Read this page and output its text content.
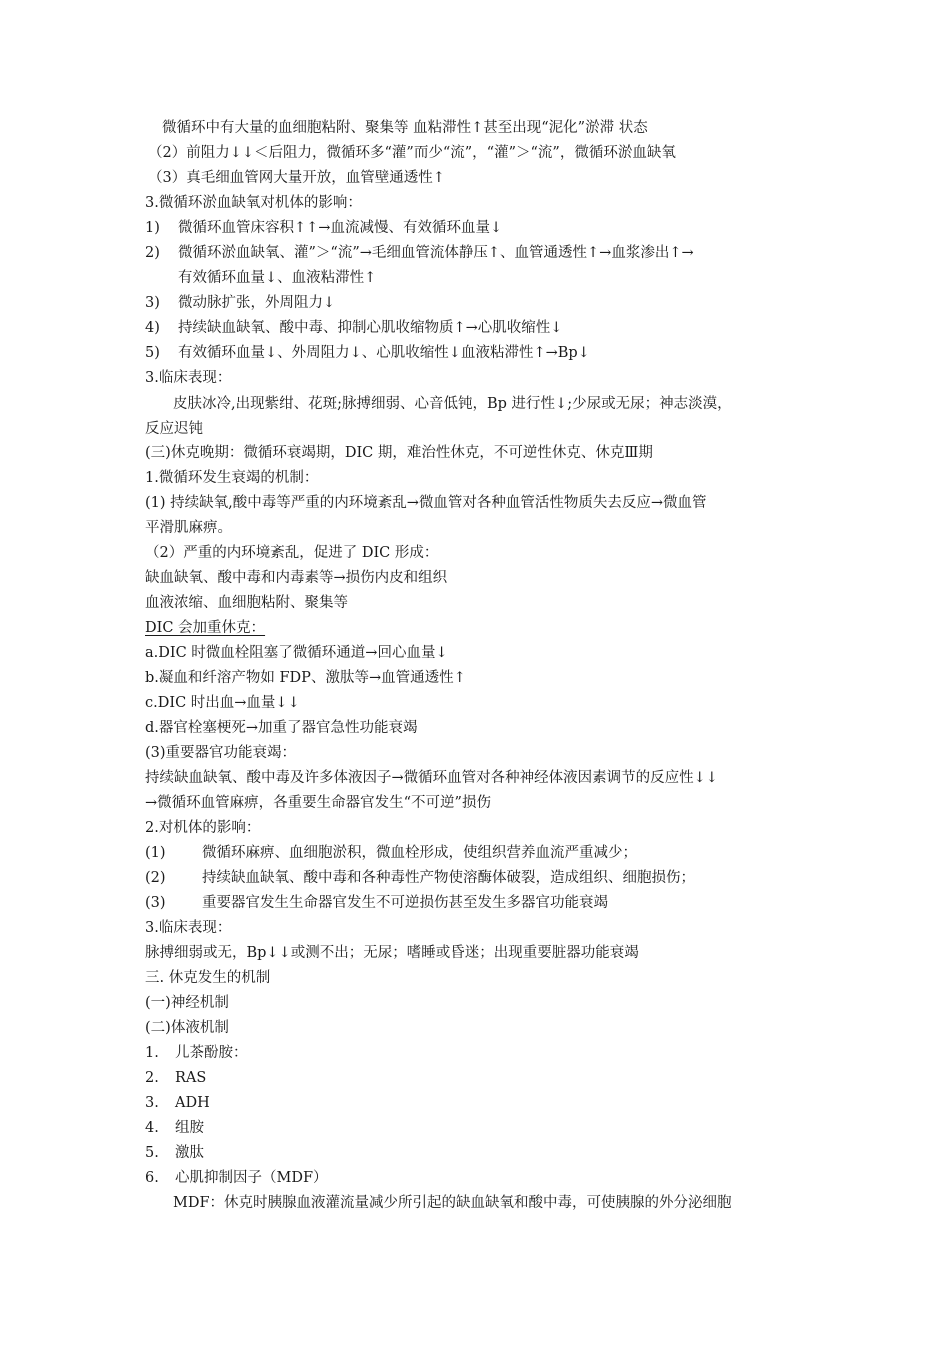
微循环中有大量的血细胞粘附、聚集等 血粘滞性↑甚至出现“泥化”淤滞 状态
（2）前阻力↓↓＜后阻力，微循环多“灌”而少“流”，“灌”＞“流”，微循环淤血缺氧
（3）真毛细血管网大量开放，血管壁通透性↑
3.微循环淤血缺氧对机体的影响：
1) 微循环血管床容积↑↑→血流减慢、有效循环血量↓
2) 微循环淤血缺氧、灌”＞“流”→毛细血管流体静压↑、血管通透性↑→血浆渗出↑→
有效循环血量↓、血液粘滞性↑
3) 微动脉扩张，外周阻力↓
4) 持续缺血缺氧、酸中毒、抑制心肌收缩物质↑→心肌收缩性↓
5) 有效循环血量↓、外周阻力↓、心肌收缩性↓血液粘滞性↑→Bp↓
3.临床表现：
皮肤冰冷,出现紫绀、花斑;脉搏细弱、心音低钝，Bp 进行性↓;少尿或无尿；神志淡漠，
反应迟钝
(三)休克晚期：微循环衰竭期，DIC 期，难治性休克，不可逆性休克、休克Ⅲ期
1.微循环发生衰竭的机制：
(1) 持续缺氧,酸中毒等严重的内环境紊乱→微血管对各种血管活性物质失去反应→微血管
平滑肌麻痹。
（2）严重的内环境紊乱，促进了 DIC 形成：
缺血缺氧、酸中毒和内毒素等→损伤内皮和组织
血液浓缩、血细胞粘附、聚集等
DIC 会加重休克：
a.DIC 时微血栓阻塞了微循环通道→回心血量↓
b.凝血和纤溶产物如 FDP、激肽等→血管通透性↑
c.DIC 时出血→血量↓↓
d.器官栓塞梗死→加重了器官急性功能衰竭
(3)重要器官功能衰竭：
持续缺血缺氧、酸中毒及许多体液因子→微循环血管对各种神经体液因素调节的反应性↓↓
→微循环血管麻痹，各重要生命器官发生“不可逆”损伤
2.对机体的影响：
(1)	微循环麻痹、血细胞淤积，微血栓形成，使组织营养血流严重减少；
(2)	持续缺血缺氧、酸中毒和各种毒性产物使溶酶体破裂，造成组织、细胞损伤；
(3)	重要器官发生生命器官发生不可逆损伤甚至发生多器官功能衰竭
3.临床表现：
脉搏细弱或无，Bp↓↓或测不出；无尿；嗜睡或昏迷；出现重要脏器功能衰竭
三. 休克发生的机制
(一)神经机制
(二)体液机制
1. 儿茶酚胺：
2. RAS
3. ADH
4. 组胺
5. 激肽
6. 心肌抑制因子（MDF）
MDF：休克时胰腺血液灌流量减少所引起的缺血缺氧和酸中毒，可使胰腺的外分泌细胞
